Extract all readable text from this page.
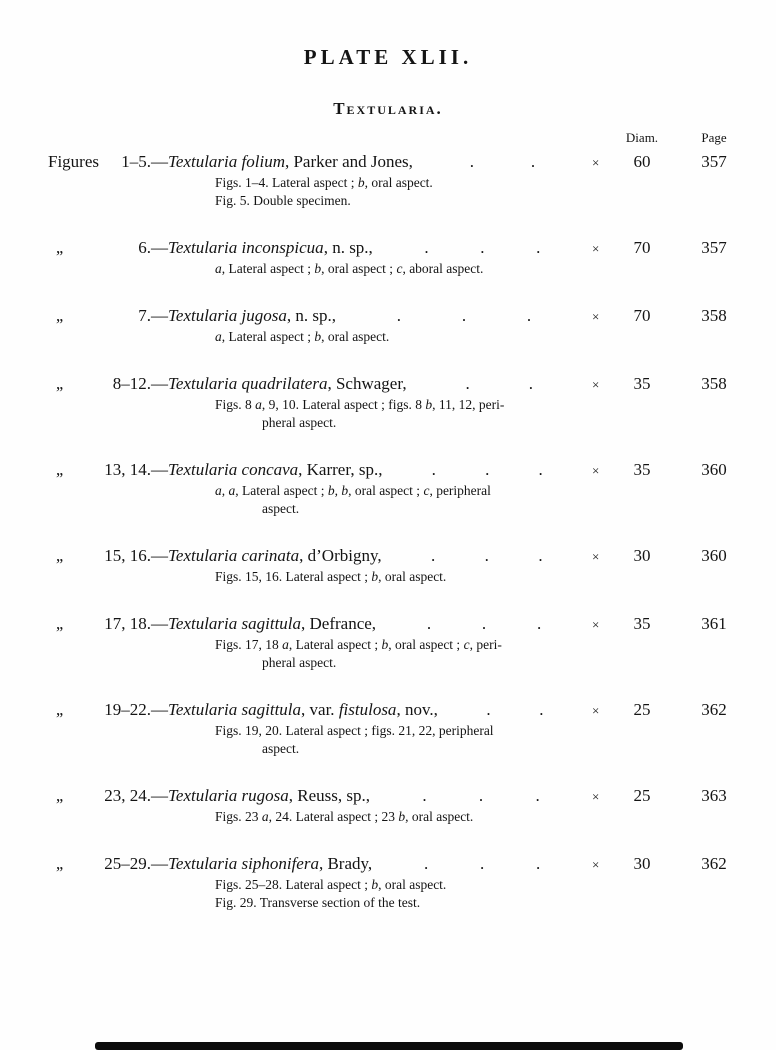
PLATE XLII.
Textularia.
Diam.	Page
Figures 1–5.— Textularia folium, Parker and Jones,	.	.	×	60	357
Figs. 1–4. Lateral aspect ; b, oral aspect.
Fig. 5. Double specimen.
,,	6.— Textularia inconspicua, n. sp.,	.	.	.	×	70	357
a, Lateral aspect ; b, oral aspect ; c, aboral aspect.
,,	7.— Textularia jugosa, n. sp.,	.	.	.	×	70	358
a, Lateral aspect ; b, oral aspect.
,,	8–12.— Textularia quadrilatera, Schwager,	.	.	×	35	358
Figs. 8 a, 9, 10. Lateral aspect ; figs. 8 b, 11, 12, peri-
pheral aspect.
,, 13, 14.— Textularia concava, Karrer, sp.,	.	.	.	×	35	360
a, a, Lateral aspect ; b, b, oral aspect ; c, peripheral
aspect.
,, 15, 16.— Textularia carinata, d’Orbigny,	.	.	.	×	30	360
Figs. 15, 16. Lateral aspect ; b, oral aspect.
,, 17, 18.— Textularia sagittula, Defrance,	.	.	.	×	35	361
Figs. 17, 18 a, Lateral aspect ; b, oral aspect ; c, peri-
pheral aspect.
,, 19–22.— Textularia sagittula, var. fistulosa, nov.,	.	.	×	25	362
Figs. 19, 20. Lateral aspect ; figs. 21, 22, peripheral
aspect.
,, 23, 24.— Textularia rugosa, Reuss, sp.,	.	.	.	×	25	363
Figs. 23 a, 24. Lateral aspect ; 23 b, oral aspect.
,, 25–29.— Textularia siphonifera, Brady,	.	.	.	×	30	362
Figs. 25–28. Lateral aspect ; b, oral aspect.
Fig. 29. Transverse section of the test.
